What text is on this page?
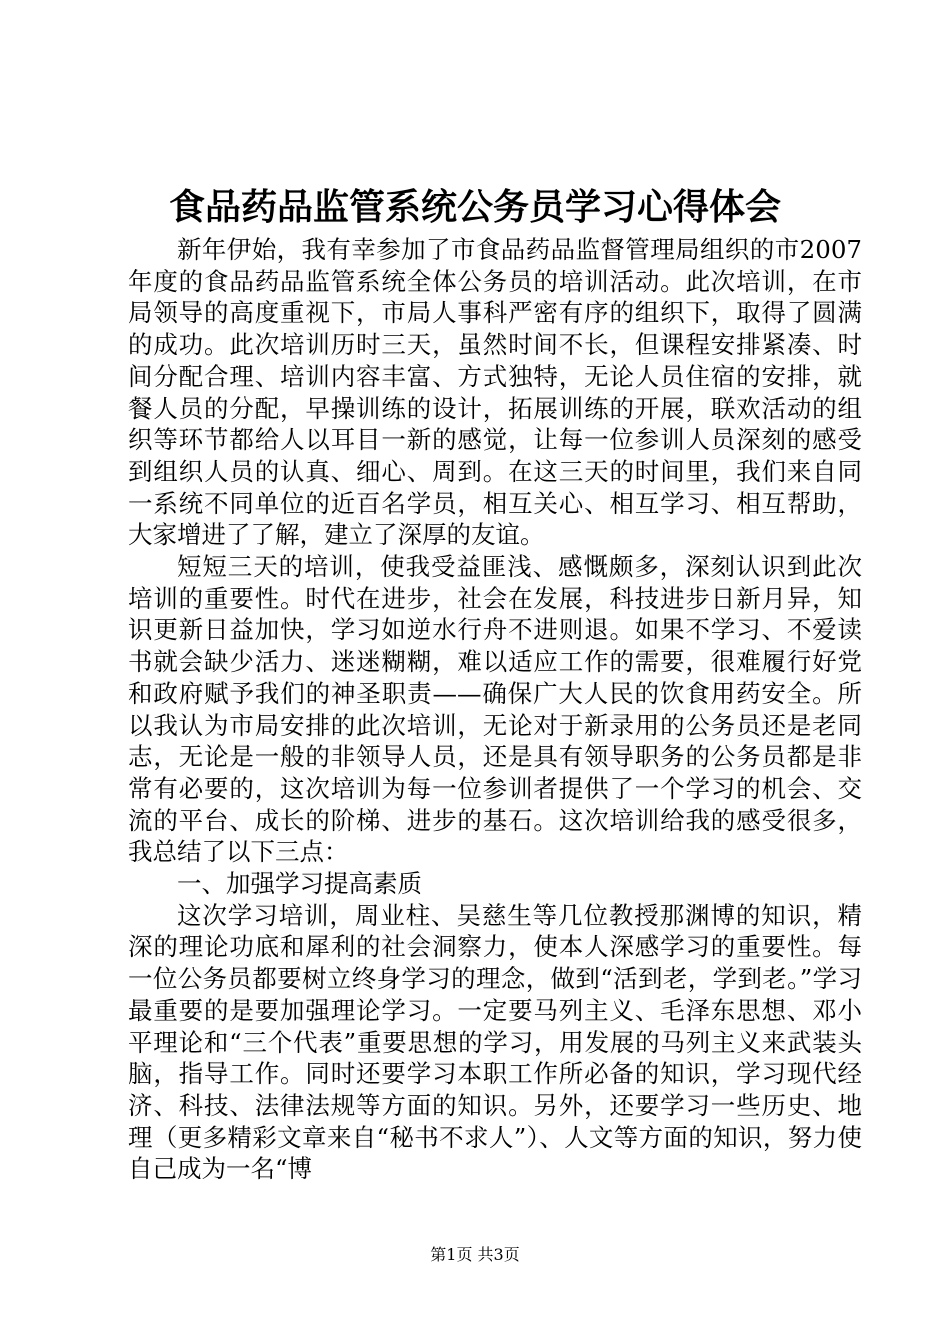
食品药品监管系统公务员学习心得体会

新年伊始，我有幸参加了市食品药品监督管理局组织的市2007年度的食品药品监管系统全体公务员的培训活动。此次培训，在市局领导的高度重视下，市局人事科严密有序的组织下，取得了圆满的成功。此次培训历时三天，虽然时间不长，但课程安排紧凑、时间分配合理、培训内容丰富、方式独特，无论人员住宿的安排，就餐人员的分配，早操训练的设计，拓展训练的开展，联欢活动的组织等环节都给人以耳目一新的感觉，让每一位参训人员深刻的感受到组织人员的认真、细心、周到。在这三天的时间里，我们来自同一系统不同单位的近百名学员，相互关心、相互学习、相互帮助，大家增进了了解，建立了深厚的友谊。

短短三天的培训，使我受益匪浅、感慨颇多，深刻认识到此次培训的重要性。时代在进步，社会在发展，科技进步日新月异，知识更新日益加快，学习如逆水行舟不进则退。如果不学习、不爱读书就会缺少活力、迷迷糊糊，难以适应工作的需要，很难履行好党和政府赋予我们的神圣职责——确保广大人民的饮食用药安全。所以我认为市局安排的此次培训，无论对于新录用的公务员还是老同志，无论是一般的非领导人员，还是具有领导职务的公务员都是非常有必要的，这次培训为每一位参训者提供了一个学习的机会、交流的平台、成长的阶梯、进步的基石。这次培训给我的感受很多，我总结了以下三点：

一、加强学习提高素质

这次学习培训，周业柱、吴慈生等几位教授那渊博的知识，精深的理论功底和犀利的社会洞察力，使本人深感学习的重要性。每一位公务员都要树立终身学习的理念，做到“活到老，学到老。”学习最重要的是要加强理论学习。一定要马列主义、毛泽东思想、邓小平理论和“三个代表”重要思想的学习，用发展的马列主义来武装头脑，指导工作。同时还要学习本职工作所必备的知识，学习现代经济、科技、法律法规等方面的知识。另外，还要学习一些历史、地理（更多精彩文章来自“秘书不求人”）、人文等方面的知识，努力使自己成为一名“博

第1页 共3页
